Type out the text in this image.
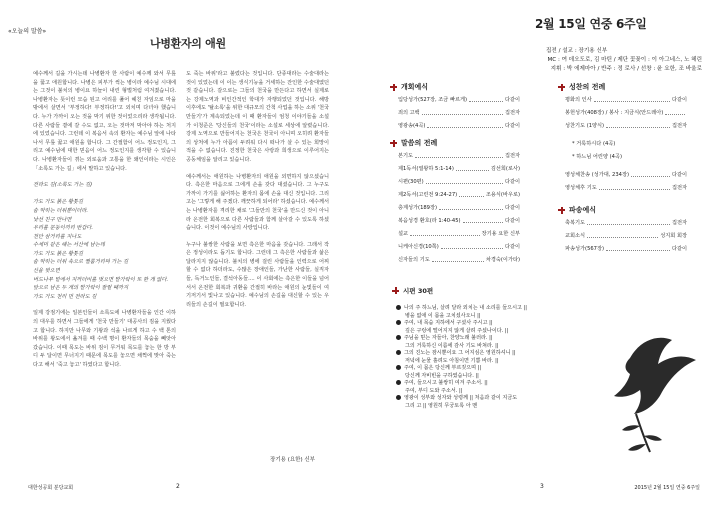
«오늘의 말씀»
나병환자의 애원

예수께서 길을 가시는데 나병환자 한 사람이 예수께 와서 무릎을 꿇고 애원합니다. 나병은 피부가 썩는 병이라 예수님 시대에는 그것이 불치의 병이요 하늘이 내린 형벌처럼 여겨졌습니다. 나병환자는 뜻이런 모습 된고 어리를 풀어 헤친 자임으로 마을 밖에서 살면서 '부정하다! 부정하다!'고 외치며 다녀야 했습니다. 누가 가까이 오는 것을 막기 위한 것이었으리라 생각됩니다. 다른 사람들 곁에 갈 수도 없고, 오는 것마저 막아야 하는 처지에 있었습니다. 그런데 이 복음서 속의 환자는 예수님 앞에 나타나서 무릎 꿇고 애원을 합니다. 그 간절함이 어느 정도인지, 그리고 예수님에 대한 믿음이 어느 정도인지를 생각할 수 있습니다. 나병환자들이 겪는 외로움과 고통을 한 왜인이라는 시인은 「소록도 가는 길」에서 말하고 있습니다.

전라도 길(소록도 가는 길)

가도 가도 붉은 황톳길
숨 막히는 더위뿐이더라.
낯선 친구 만나면
우리를 문둥이끼리 반갑다.
천안 삼거리를 지나도
수세미 같은 해는 서산에 남는데
가도 가도 붉은 황톳길
숨 막히는 더위 속으로 쩔룸거리며 가는 길
신을 벗으면
버드나무 밑에서 지까더비를 벗으면 발가락이 또 한 개 없다.
앞으로 남은 두 개의 발가락이 잘릴 때까지
가도 가도 천리 먼 전라도 길

일제 강점기에는 일본인들이 소록도에 나병환자들을 인간 이하의 대우를 하면서 그들에게 '천국 만들기' 대공사의 짐을 지웠다고 합니다. 하지만 나무와 기왕과 석을 나르게 하고 수 백 톤의 바위를 왕도에서 옮겨를 때 수백 명이 환자들의 목숨을 빼앗아 갔습니다. 이때 목도는 바위 짐이 무거워 목도를 놓는 한 방 부디 두 달이면 무너지기 때문에 목도를 놓으면 채찍에 맞아 죽는다고 해서 '죽고 놓고' 하였다고 합니다.

도 죽는 바위'라고 불렀다는 것입니다. 단종대라는 수술대라는 것이 있었는데 이 이는 생식기능을 거세하는 잔인한 수술대였던 것 같습니다. 갈으로는 그들의 천국을 만든다고 하면서 실제로는 강제노역과 비인간적인 학대가 자행되었던 것입니다. 해방 이후에도 '탈소록'을 위한 대규모의 간척 사업을 하는 소위 '천국 만들기'가 계속되었는데 이 때 환자들이 엄청 이야기들을 소설가 이청준은 '당신들의 천국'이라는 소설로 세상에 알렸습니다. 강제 노역으로 만들어지는 천국은 천국이 아니며 오히려 환자들의 상처에 누가 아픔이 두려워 다시 떠나가 살 수 있는 희망이 적을 수 없습니다. 진정한 천국은 사랑과 희생으로 이루어지는 공동체임을 알리고 있습니다.

예수께서는 애원하는 나병환자의 애원을 외면하지 않으셨습니다. 측은한 마음으로 그에게 손을 갖다 대셨습니다. 그 누구도 가까이 가기를 싫어하는 환자의 몸에 손을 대신 것입니다. 그리고는 '그렇게 해 주겠다. 깨끗하게 되어라' 하셨습니다. 예수께서는 나병환자를 격리한 채로 '그들만의 천국'을 만드신 것이 아니라 온전한 회복으로 다른 사람들과 함께 살아갈 수 있도록 하셨습니다. 이것이 예수님의 사랑입니다.

누구나 불쌍한 사람을 보면 측은한 마음을 갖습니다. 그래서 작은 정성이라도 돕기도 합니다. 그런데 그 측은한 사람들과 삶은 달라지지 않습니다. 불치의 병에 걸린 사람들을 인력으로 어찌 할 수 없다 하더라도, 수많은 장애인들, 가난한 사람들, 실직자들, 독거노인들, 결석아동들.... 이 사회에는 측은한 이들을 넘어서서 온전한 회복과 귀환을 간절히 바라는 애원의 눈빛들이 여기저기서 빛나고 있습니다. 예수님의 손길을 대신할 수 있는 우리들의 손길이 필요합니다.

장기용 (요한) 신부
대한성공회 분당교회	2
2월 15일 연중 6주일
집전 / 설교 : 장기용 신부
MC : 여 데오도로, 김 마틴 / 제단 꽃꽂이 : 이 아그네스, 노 헤린
지휘 : 박 에제마아 / 반주 : 정 로사 / 선창 : 윤 요한, 조 바울로
개회예식
입당성가(527장, 조금 빠르게)	다같이
죄의 고백	집전자
영광송(4곡)	다같이
말씀의 전례
본기도	집전자
제1독서(열왕하 5:1-14)	김선희(로사)
시편(30편)	다같이
제2독서(고린전 9:24-27)	조용식(바우로)
층계성가(189장)	다같이
복음성경 환호(라 1:40-45)	다같이
설교	장기용 요한 신부
니케아신경(10쪽)	다같이
신자들의 기도	차경숙(이가타)
성찬의 전례
평화의 인사	다같이
봉헌성가(408장) / 봉사 : 지금식(안드레아)
성찬기도 (1양식)	집전자
* 거룩하시다 (4곡)
* 하느님 어린양 (4곡)
영성체찬송 (성가대, 234장)	다같이
영성체후 기도	집전자
파송예식
축복기도	집전자
교회소식	성지회 회장
파송성가(567장)	다같이
시편 30편
나의 주 하느님, 살려 달라 외치는 내 소리를 들으시고 ||
병을 없애 이 몸을 고치셨사오니 ||
주여, 내 목숨 지하에서 구셨사 주시고 ||
깊은 구렁에 떨어지지 않게 살려 주셨나이다. ||
주님을 믿는 자들아, 찬양노래 불러라. ||
그의 거룩하신 이름에 감사 기도 바쳐라. ||
그의 진노는 잠시뿐이요 그 어지심은 영원하셔니 ||
저녁에 눈물 흘려도 아침이면 기쁨 바라. ||
주여, 이 몸은 당신께 부르짖으며 ||
당신께 자비빈을 구하였습니다. ||
주여, 들으시고 불쌍히 여겨 주소서. ||
주여, 부디 도와 주소서. ||
영광이 성부와 성자와 성령께 || 처음과 같이 지금도
그리 고 || 영원히 무궁토록 아 멘
3	2015년 2월 15일 연중 6주일
